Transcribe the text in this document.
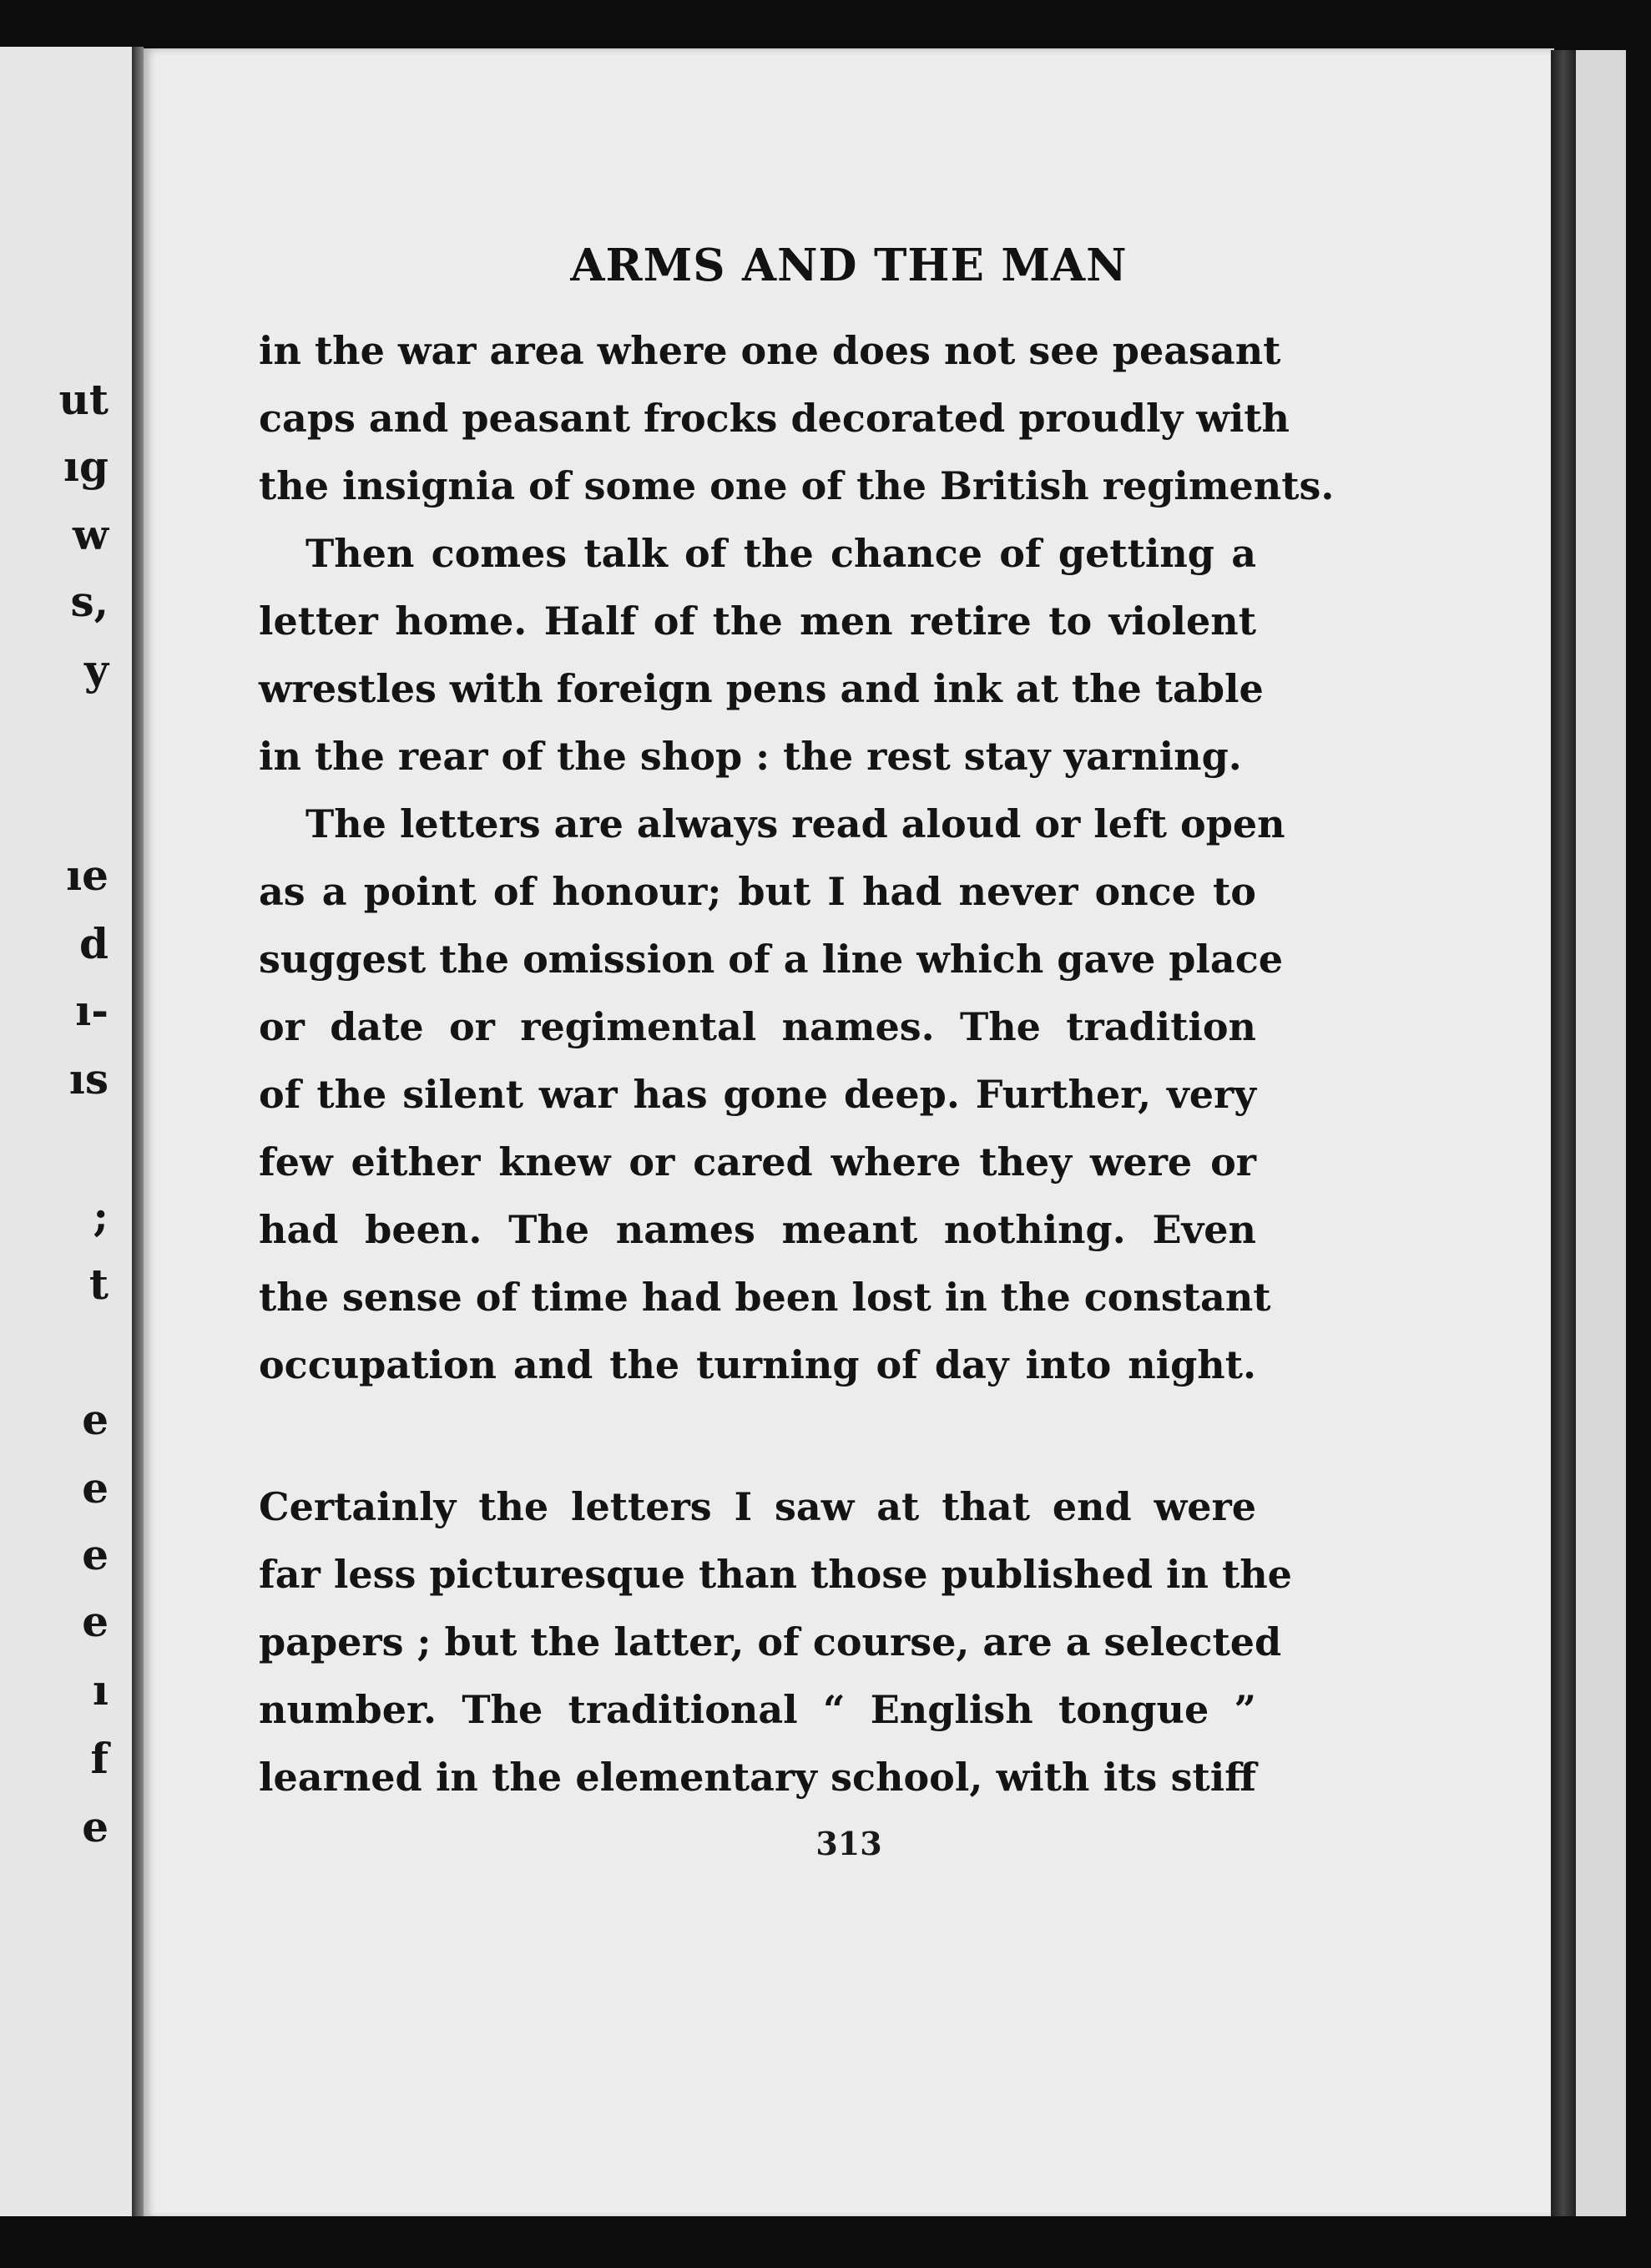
ut
ıg
w
s,
y
ıe
d
ı-
ıs
;
t
e
e
e
e
ı
f
e
ARMS AND THE MAN
in the war area where one does not see peasant
caps and peasant frocks decorated proudly with
the insignia of some one of the British regiments.
Then comes talk of the chance of getting a
letter home. Half of the men retire to violent
wrestles with foreign pens and ink at the table
in the rear of the shop : the rest stay yarning.
The letters are always read aloud or left open
as a point of honour; but I had never once to
suggest the omission of a line which gave place
or date or regimental names. The tradition
of the silent war has gone deep. Further, very
few either knew or cared where they were or
had been. The names meant nothing. Even
the sense of time had been lost in the constant
occupation and the turning of day into night.
Certainly the letters I saw at that end were
far less picturesque than those published in the
papers ; but the latter, of course, are a selected
number. The traditional “ English tongue ”
learned in the elementary school, with its stiff
313
